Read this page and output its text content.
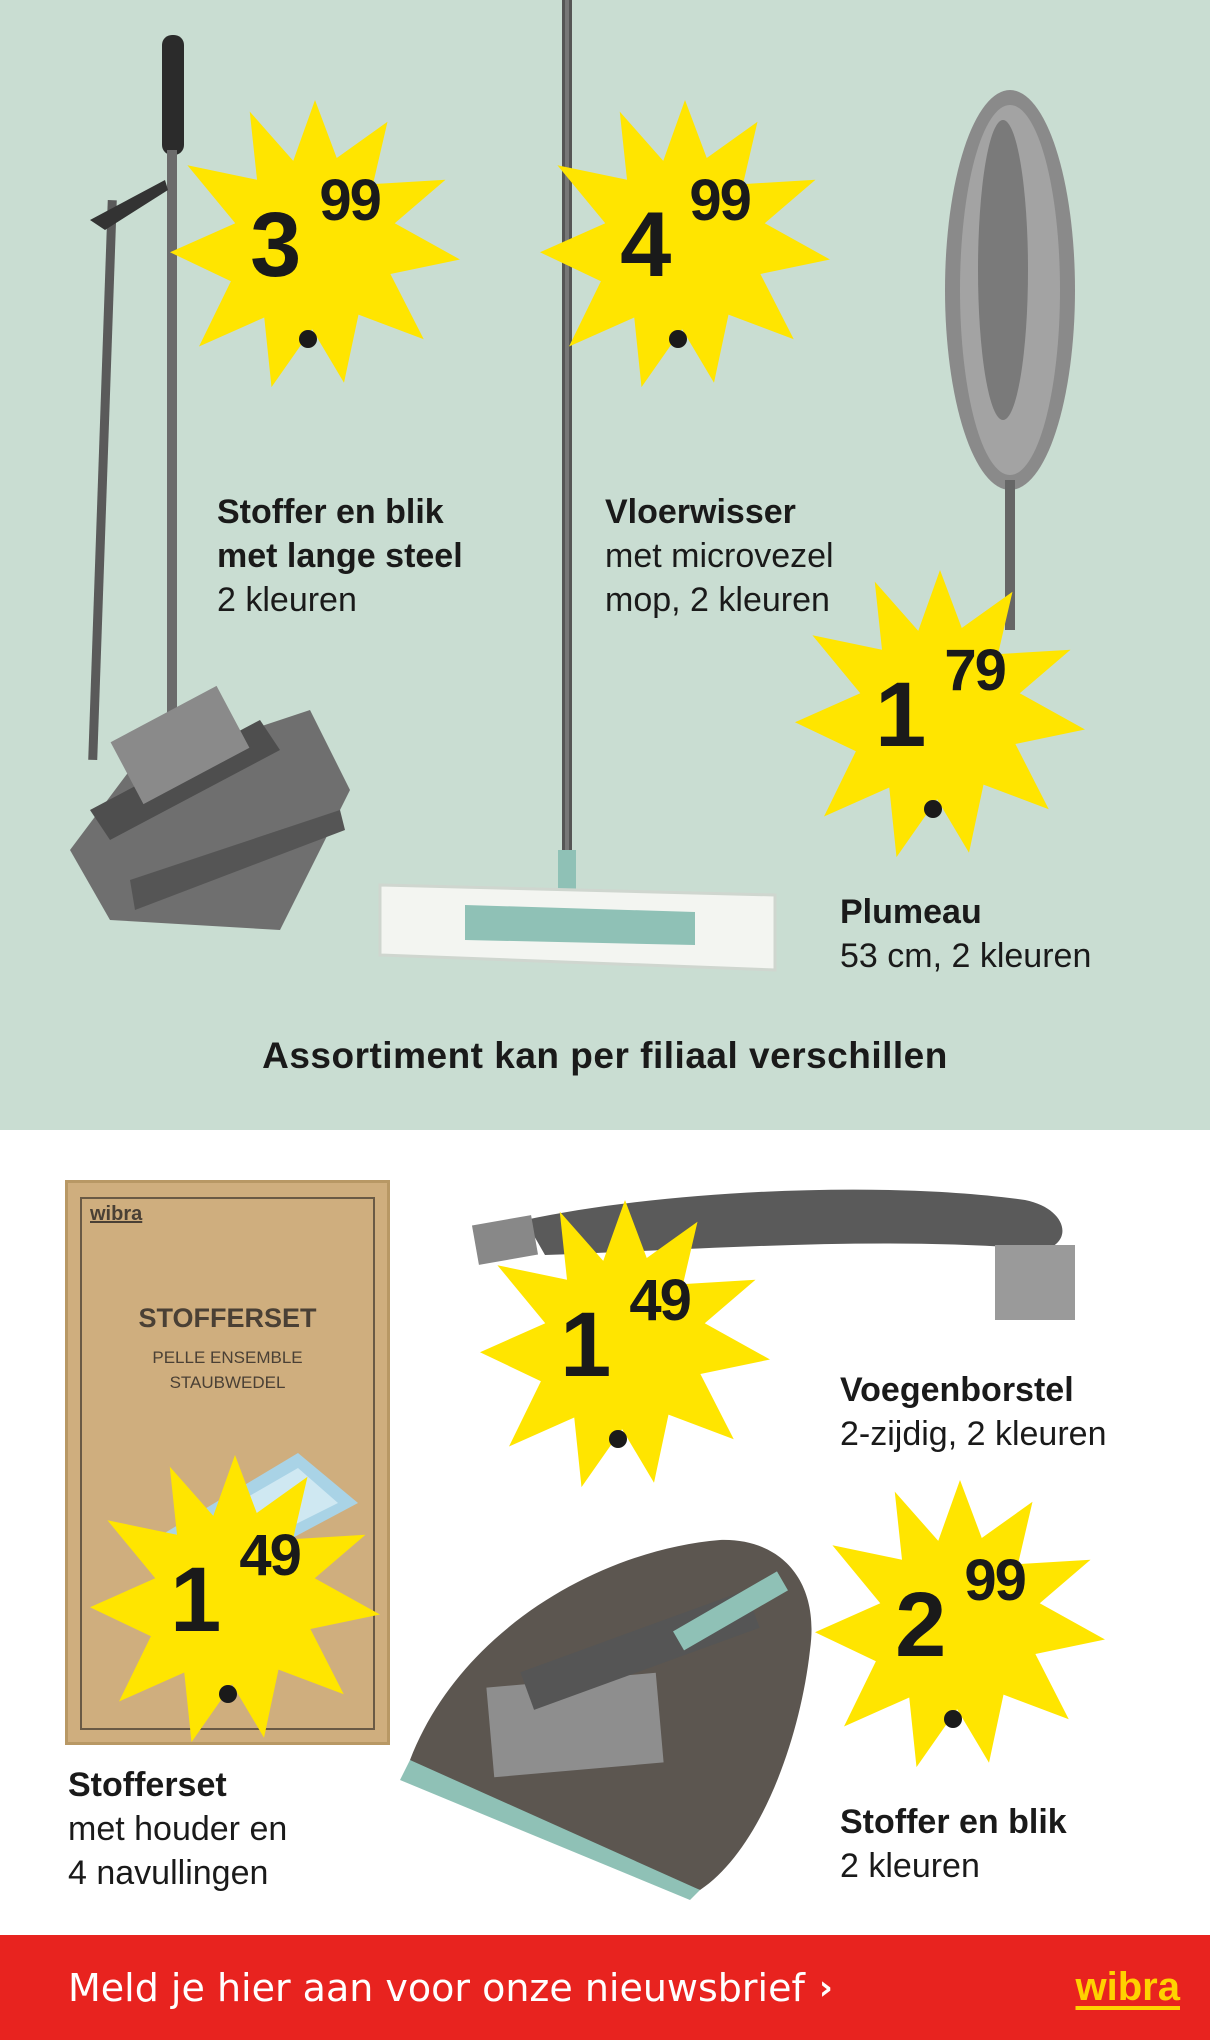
3 99
Stoffer en blik
met lange steel
2 kleuren
4 99
Vloerwisser
met microvezel
mop, 2 kleuren
1 79
Plumeau
53 cm, 2 kleuren
Assortiment kan per filiaal verschillen
wibra
STOFFERSET
PELLE ENSEMBLE
STAUBWEDEL
1 49
Stofferset
met houder en
4 navullingen
1 49
Voegenborstel
2-zijdig, 2 kleuren
2 99
Stoffer en blik
2 kleuren
Meld je hier aan voor onze nieuwsbrief ›	wibra
